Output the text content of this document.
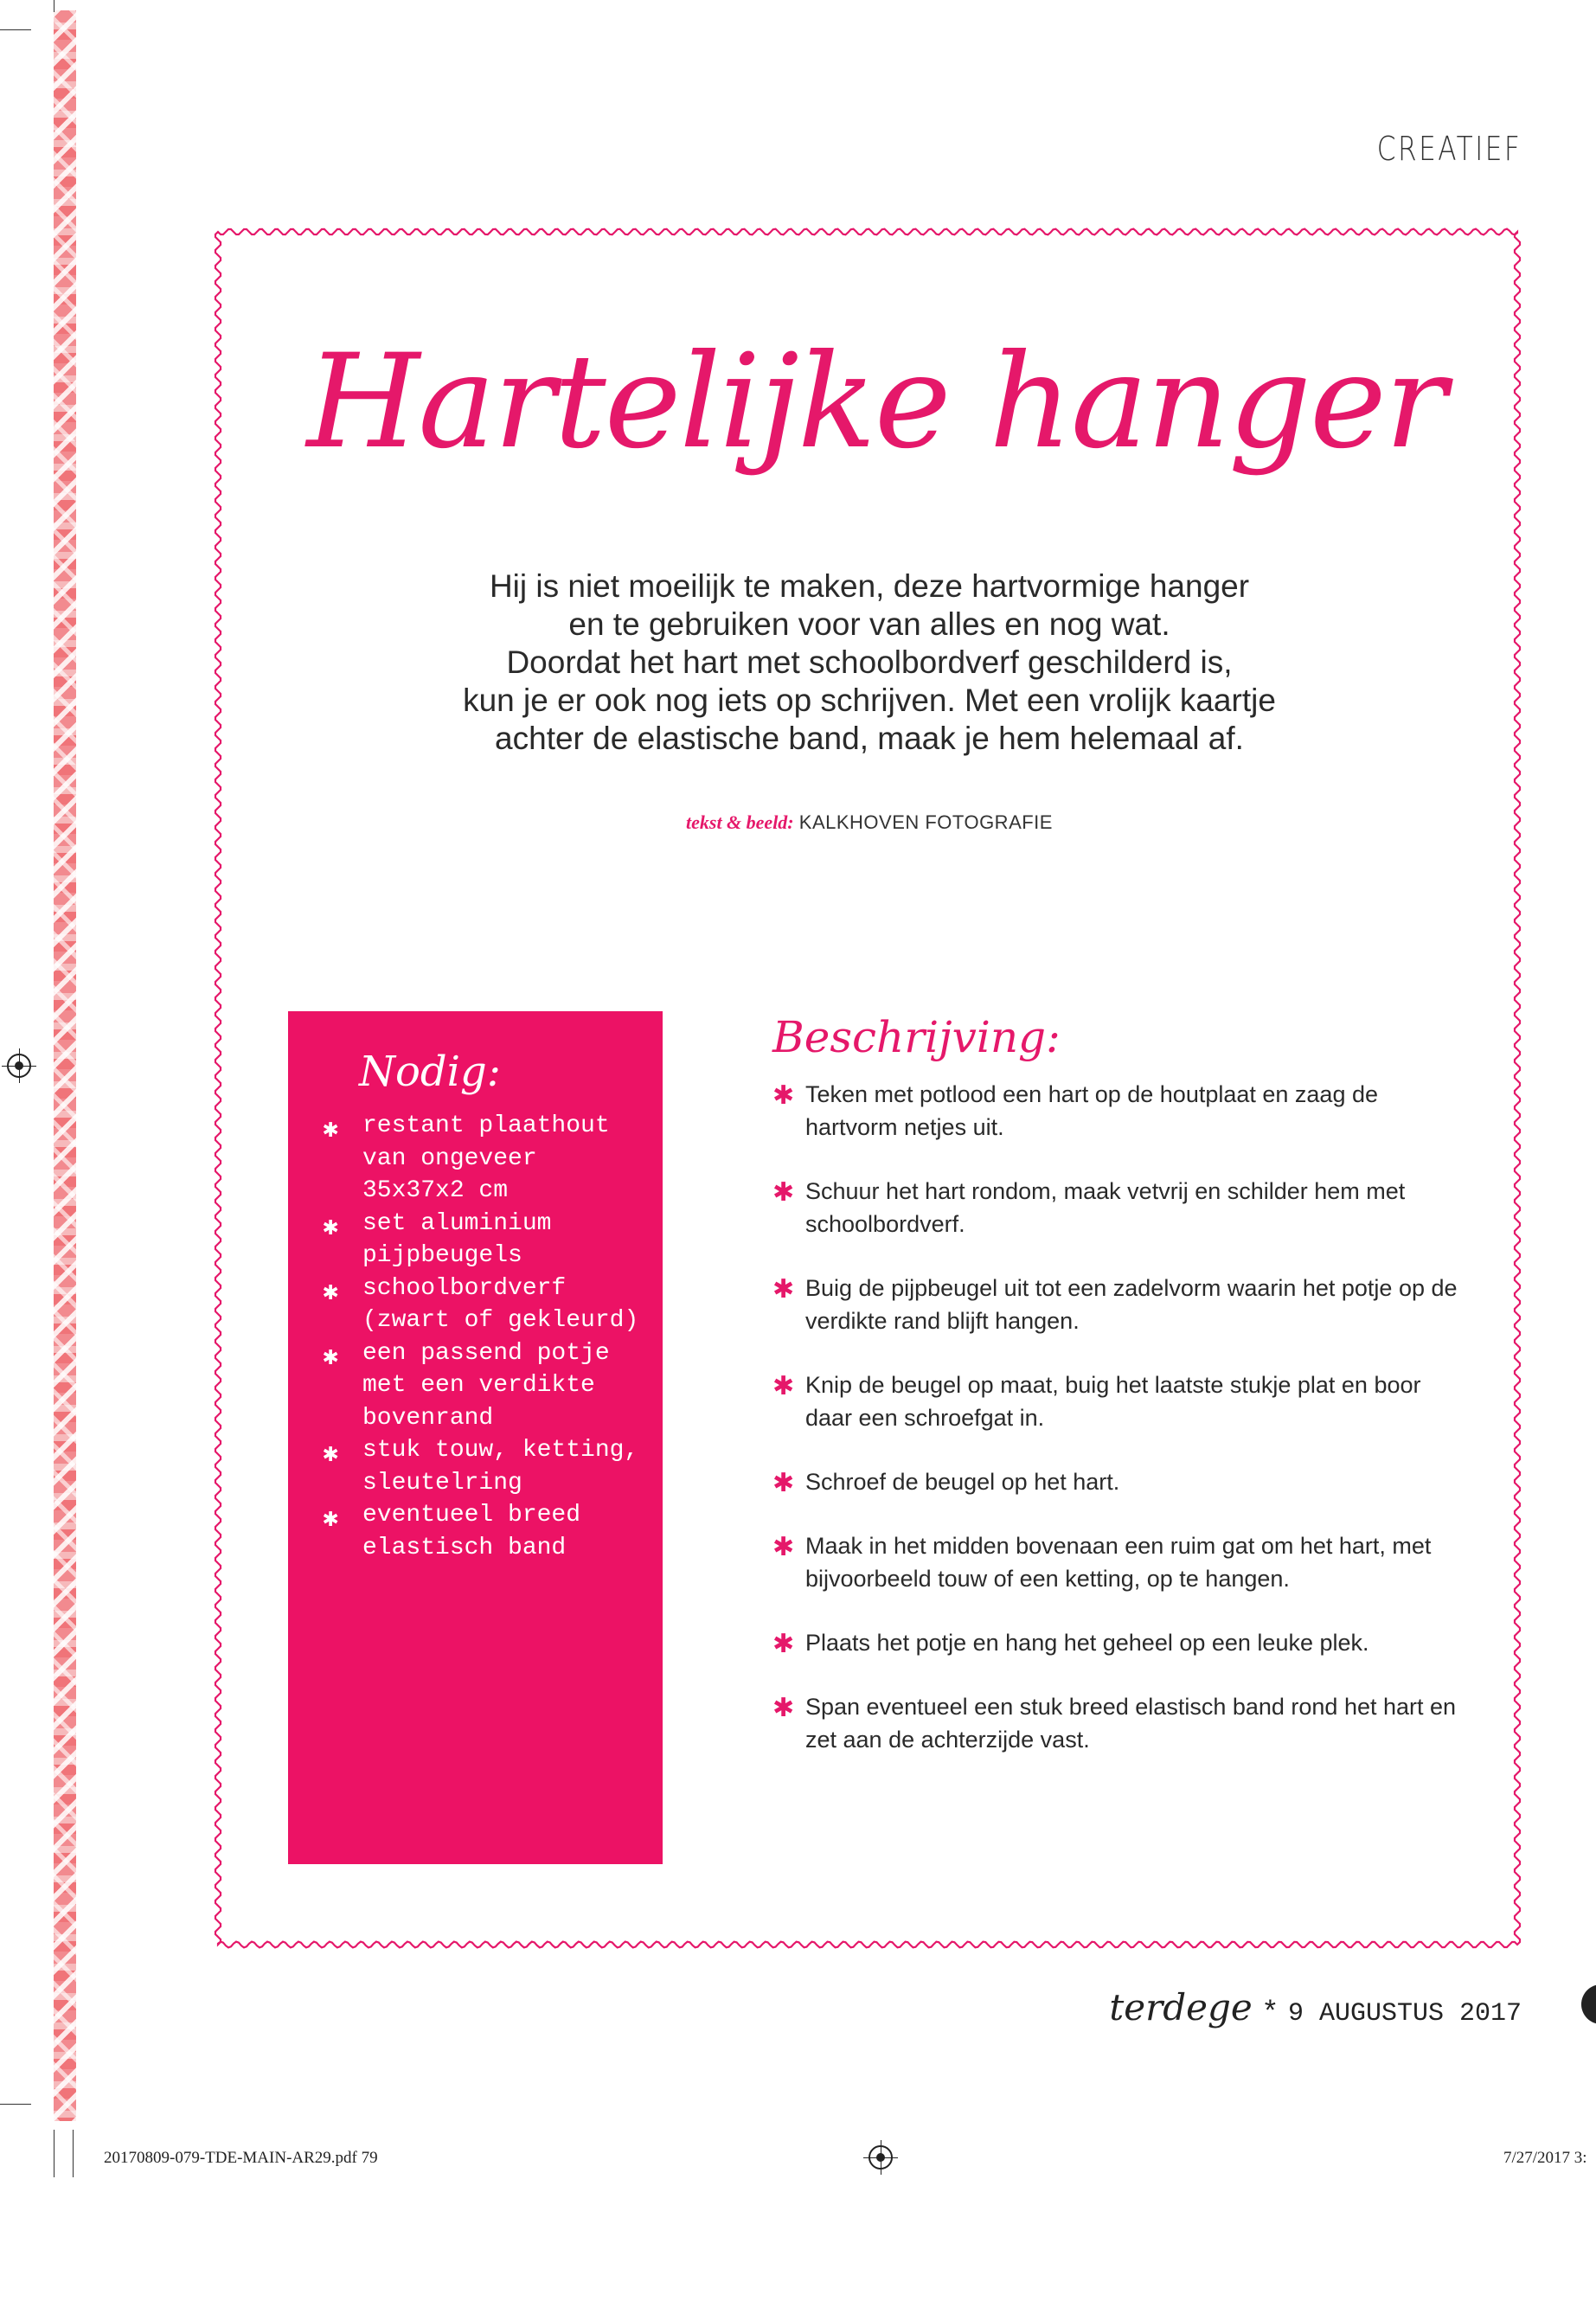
CREATIEF
Hartelijke hanger
Hij is niet moeilijk te maken, deze hartvormige hanger
en te gebruiken voor van alles en nog wat.
Doordat het hart met schoolbordverf geschilderd is,
kun je er ook nog iets op schrijven. Met een vrolijk kaartje
achter de elastische band, maak je hem helemaal af.
tekst & beeld: KALKHOVEN FOTOGRAFIE
Nodig:
✱ restant plaathout van ongeveer 35x37x2 cm
✱ set aluminium pijpbeugels
✱ schoolbordverf (zwart of gekleurd)
✱ een passend potje met een verdikte bovenrand
✱ stuk touw, ketting, sleutelring
✱ eventueel breed elastisch band
Beschrijving:
✱ Teken met potlood een hart op de houtplaat en zaag de hartvorm netjes uit.
✱ Schuur het hart rondom, maak vetvrij en schilder hem met schoolbordverf.
✱ Buig de pijpbeugel uit tot een zadelvorm waarin het potje op de verdikte rand blijft hangen.
✱ Knip de beugel op maat, buig het laatste stukje plat en boor daar een schroefgat in.
✱ Schroef de beugel op het hart.
✱ Maak in het midden bovenaan een ruim gat om het hart, met bijvoorbeeld touw of een ketting, op te hangen.
✱ Plaats het potje en hang het geheel op een leuke plek.
✱ Span eventueel een stuk breed elastisch band rond het hart en zet aan de achterzijde vast.
terdege * 9 AUGUSTUS 2017
20170809-079-TDE-MAIN-AR29.pdf 79	7/27/2017 3:
